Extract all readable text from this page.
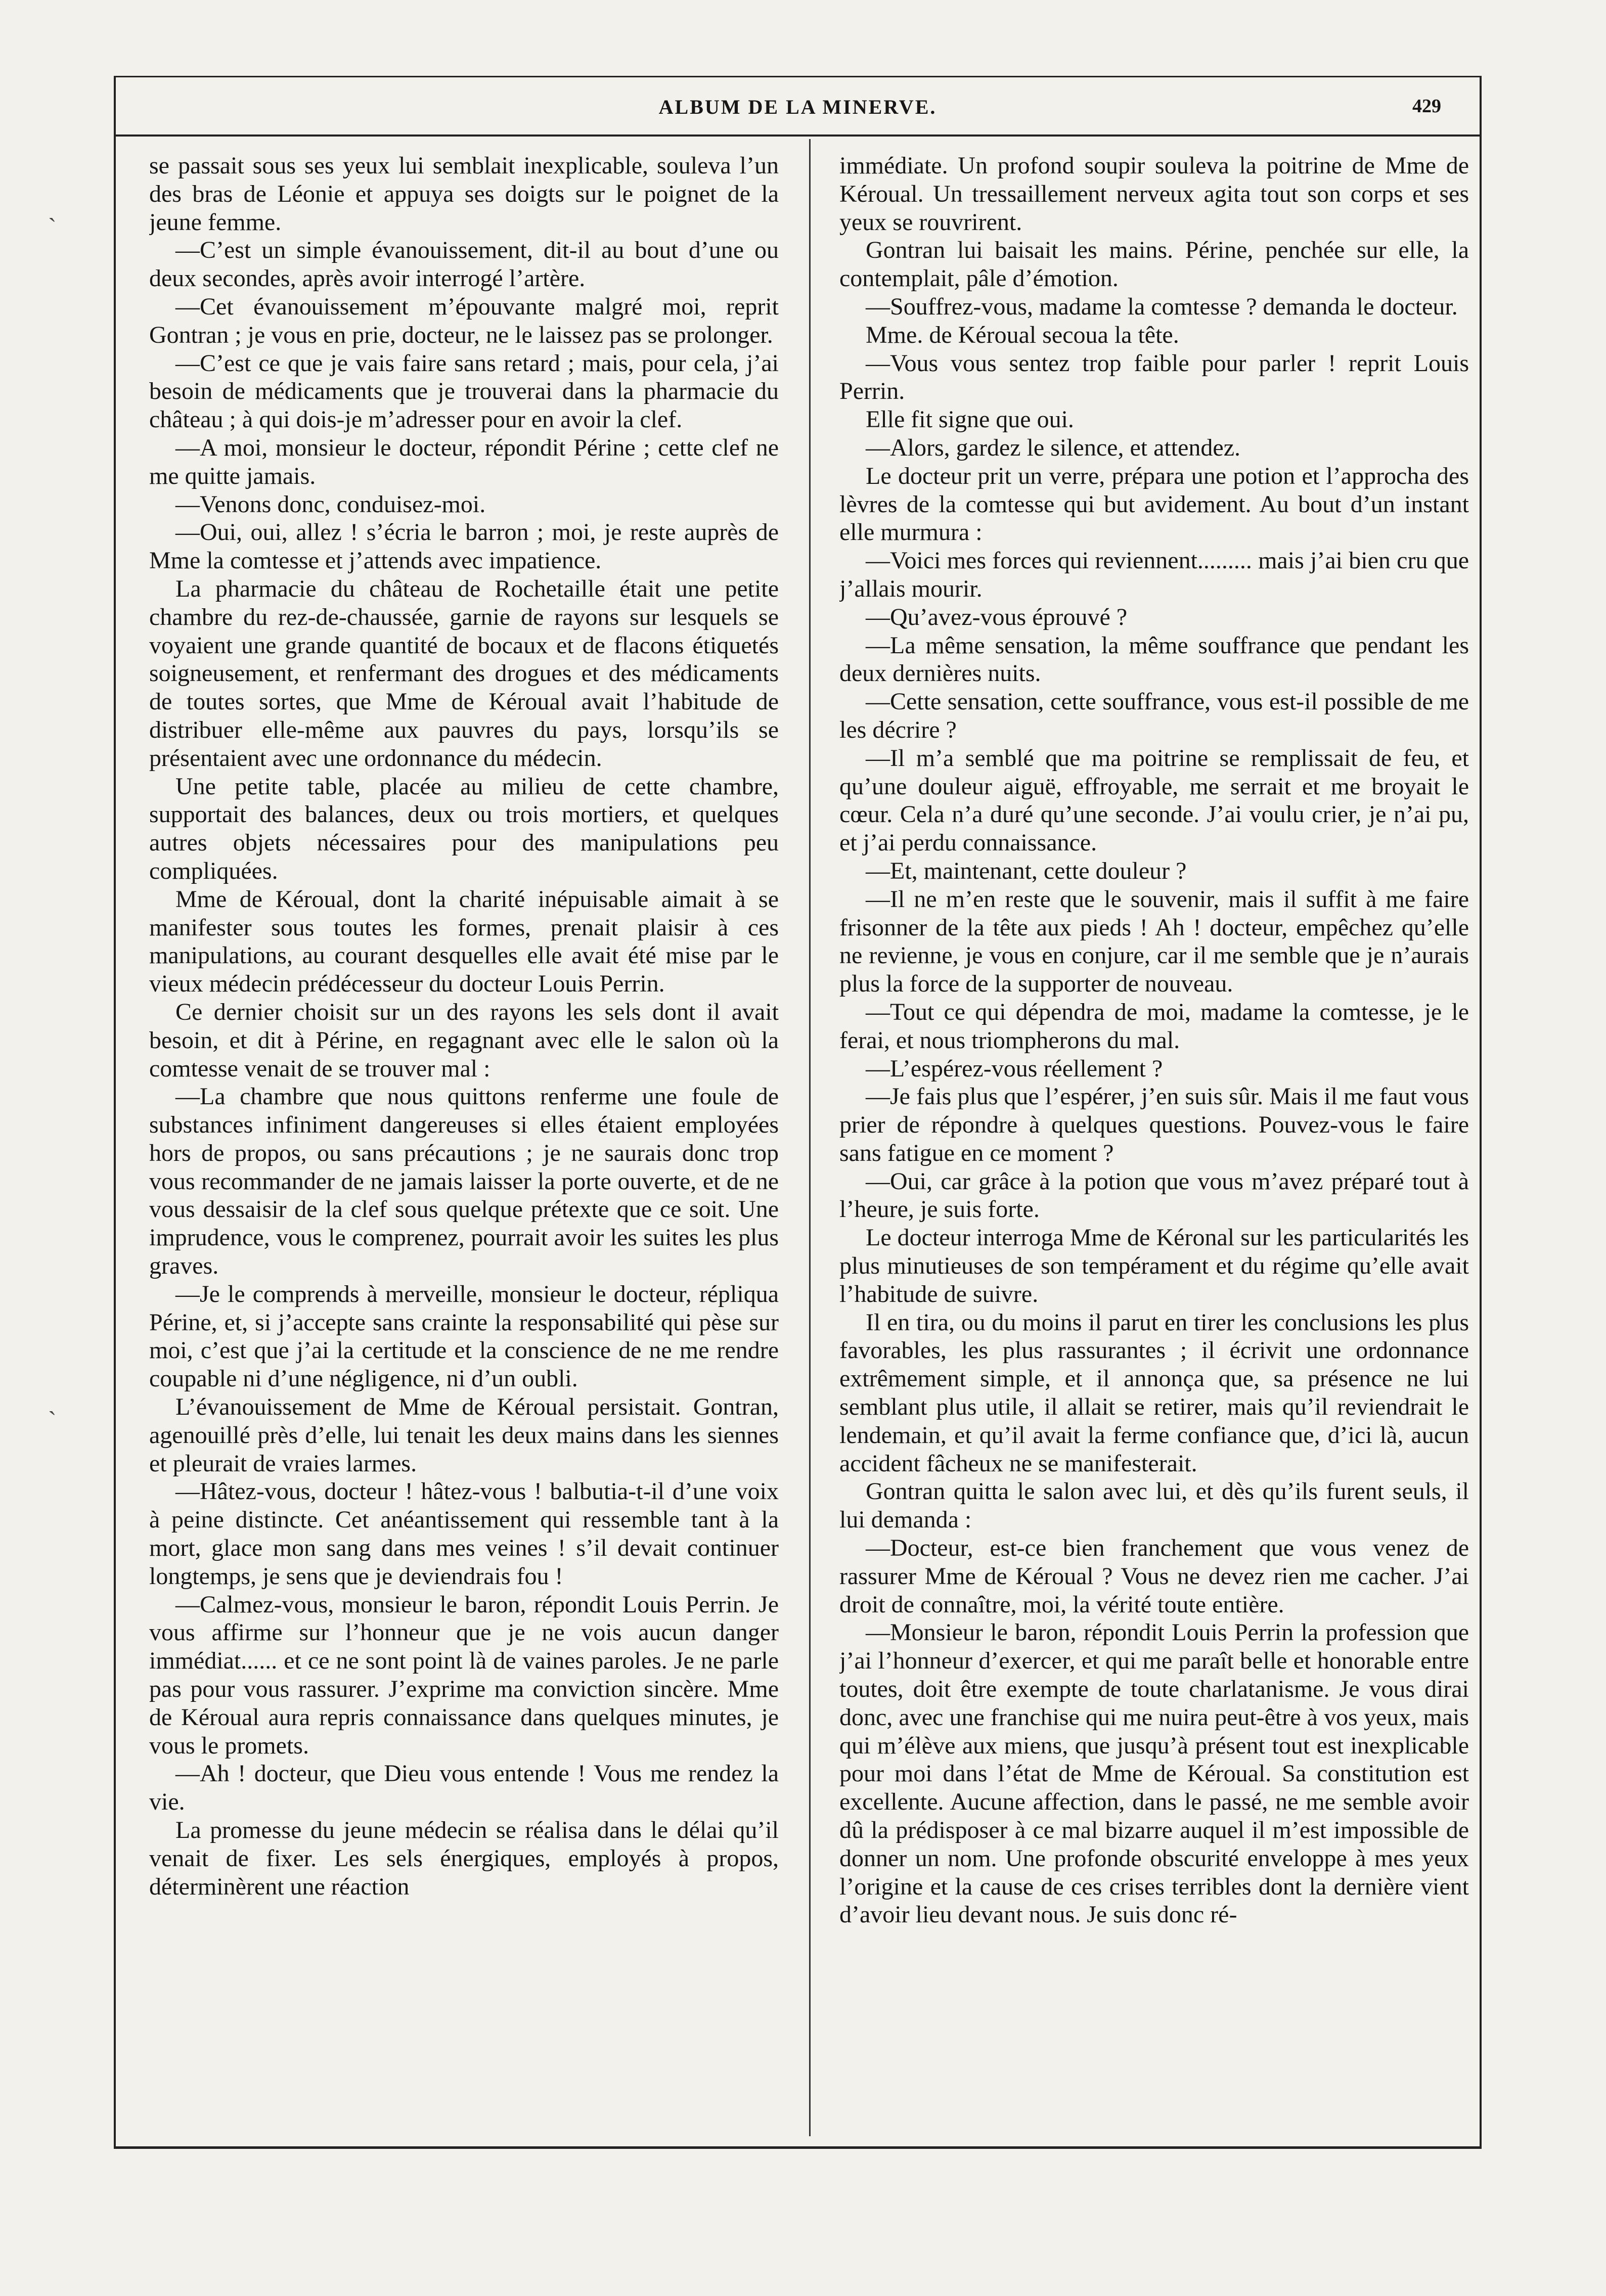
ALBUM DE LA MINERVE.	429

se passait sous ses yeux lui semblait inexplicable, souleva l’un des bras de Léonie et appuya ses doigts sur le poignet de la jeune femme.

—C’est un simple évanouissement, dit-il au bout d’une ou deux secondes, après avoir interrogé l’artère.

—Cet évanouissement m’épouvante malgré moi, reprit Gontran ; je vous en prie, docteur, ne le laissez pas se prolonger.

—C’est ce que je vais faire sans retard ; mais, pour cela, j’ai besoin de médicaments que je trouverai dans la pharmacie du château ; à qui dois-je m’adresser pour en avoir la clef.

—A moi, monsieur le docteur, répondit Périne ; cette clef ne me quitte jamais.

—Venons donc, conduisez-moi.

—Oui, oui, allez ! s’écria le barron ; moi, je reste auprès de Mme la comtesse et j’attends avec impatience.

La pharmacie du château de Rochetaille était une petite chambre du rez-de-chaussée, garnie de rayons sur lesquels se voyaient une grande quantité de bocaux et de flacons étiquetés soigneusement, et renfermant des drogues et des médicaments de toutes sortes, que Mme de Kéroual avait l’habitude de distribuer elle-même aux pauvres du pays, lorsqu’ils se présentaient avec une ordonnance du médecin.

Une petite table, placée au milieu de cette chambre, supportait des balances, deux ou trois mortiers, et quelques autres objets nécessaires pour des manipulations peu compliquées.

Mme de Kéroual, dont la charité inépuisable aimait à se manifester sous toutes les formes, prenait plaisir à ces manipulations, au courant desquelles elle avait été mise par le vieux médecin prédécesseur du docteur Louis Perrin.

Ce dernier choisit sur un des rayons les sels dont il avait besoin, et dit à Périne, en regagnant avec elle le salon où la comtesse venait de se trouver mal :

—La chambre que nous quittons renferme une foule de substances infiniment dangereuses si elles étaient employées hors de propos, ou sans précautions ; je ne saurais donc trop vous recommander de ne jamais laisser la porte ouverte, et de ne vous dessaisir de la clef sous quelque prétexte que ce soit. Une imprudence, vous le comprenez, pourrait avoir les suites les plus graves.

—Je le comprends à merveille, monsieur le docteur, répliqua Périne, et, si j’accepte sans crainte la responsabilité qui pèse sur moi, c’est que j’ai la certitude et la conscience de ne me rendre coupable ni d’une négligence, ni d’un oubli.

L’évanouissement de Mme de Kéroual persistait. Gontran, agenouillé près d’elle, lui tenait les deux mains dans les siennes et pleurait de vraies larmes.

—Hâtez-vous, docteur ! hâtez-vous ! balbutia-t-il d’une voix à peine distincte. Cet anéantissement qui ressemble tant à la mort, glace mon sang dans mes veines ! s’il devait continuer longtemps, je sens que je deviendrais fou !

—Calmez-vous, monsieur le baron, répondit Louis Perrin. Je vous affirme sur l’honneur que je ne vois aucun danger immédiat...... et ce ne sont point là de vaines paroles. Je ne parle pas pour vous rassurer. J’exprime ma conviction sincère. Mme de Kéroual aura repris connaissance dans quelques minutes, je vous le promets.

—Ah ! docteur, que Dieu vous entende ! Vous me rendez la vie.

La promesse du jeune médecin se réalisa dans le délai qu’il venait de fixer. Les sels énergiques, employés à propos, déterminèrent une réaction

immédiate. Un profond soupir souleva la poitrine de Mme de Kéroual. Un tressaillement nerveux agita tout son corps et ses yeux se rouvrirent.

Gontran lui baisait les mains. Périne, penchée sur elle, la contemplait, pâle d’émotion.

—Souffrez-vous, madame la comtesse ? demanda le docteur.

Mme. de Kéroual secoua la tête.

—Vous vous sentez trop faible pour parler ! reprit Louis Perrin.

Elle fit signe que oui.

—Alors, gardez le silence, et attendez.

Le docteur prit un verre, prépara une potion et l’approcha des lèvres de la comtesse qui but avidement. Au bout d’un instant elle murmura :

—Voici mes forces qui reviennent......... mais j’ai bien cru que j’allais mourir.

—Qu’avez-vous éprouvé ?

—La même sensation, la même souffrance que pendant les deux dernières nuits.

—Cette sensation, cette souffrance, vous est-il possible de me les décrire ?

—Il m’a semblé que ma poitrine se remplissait de feu, et qu’une douleur aiguë, effroyable, me serrait et me broyait le cœur. Cela n’a duré qu’une seconde. J’ai voulu crier, je n’ai pu, et j’ai perdu connaissance.

—Et, maintenant, cette douleur ?

—Il ne m’en reste que le souvenir, mais il suffit à me faire frisonner de la tête aux pieds ! Ah ! docteur, empêchez qu’elle ne revienne, je vous en conjure, car il me semble que je n’aurais plus la force de la supporter de nouveau.

—Tout ce qui dépendra de moi, madame la comtesse, je le ferai, et nous triompherons du mal.

—L’espérez-vous réellement ?

—Je fais plus que l’espérer, j’en suis sûr. Mais il me faut vous prier de répondre à quelques questions. Pouvez-vous le faire sans fatigue en ce moment ?

—Oui, car grâce à la potion que vous m’avez préparé tout à l’heure, je suis forte.

Le docteur interroga Mme de Kéronal sur les particularités les plus minutieuses de son tempérament et du régime qu’elle avait l’habitude de suivre.

Il en tira, ou du moins il parut en tirer les conclusions les plus favorables, les plus rassurantes ; il écrivit une ordonnance extrêmement simple, et il annonça que, sa présence ne lui semblant plus utile, il allait se retirer, mais qu’il reviendrait le lendemain, et qu’il avait la ferme confiance que, d’ici là, aucun accident fâcheux ne se manifesterait.

Gontran quitta le salon avec lui, et dès qu’ils furent seuls, il lui demanda :

—Docteur, est-ce bien franchement que vous venez de rassurer Mme de Kéroual ? Vous ne devez rien me cacher. J’ai droit de connaître, moi, la vérité toute entière.

—Monsieur le baron, répondit Louis Perrin la profession que j’ai l’honneur d’exercer, et qui me paraît belle et honorable entre toutes, doit être exempte de toute charlatanisme. Je vous dirai donc, avec une franchise qui me nuira peut-être à vos yeux, mais qui m’élève aux miens, que jusqu’à présent tout est inexplicable pour moi dans l’état de Mme de Kéroual. Sa constitution est excellente. Aucune affection, dans le passé, ne me semble avoir dû la prédisposer à ce mal bizarre auquel il m’est impossible de donner un nom. Une profonde obscurité enveloppe à mes yeux l’origine et la cause de ces crises terribles dont la dernière vient d’avoir lieu devant nous. Je suis donc ré-

ˋ
ˋ
